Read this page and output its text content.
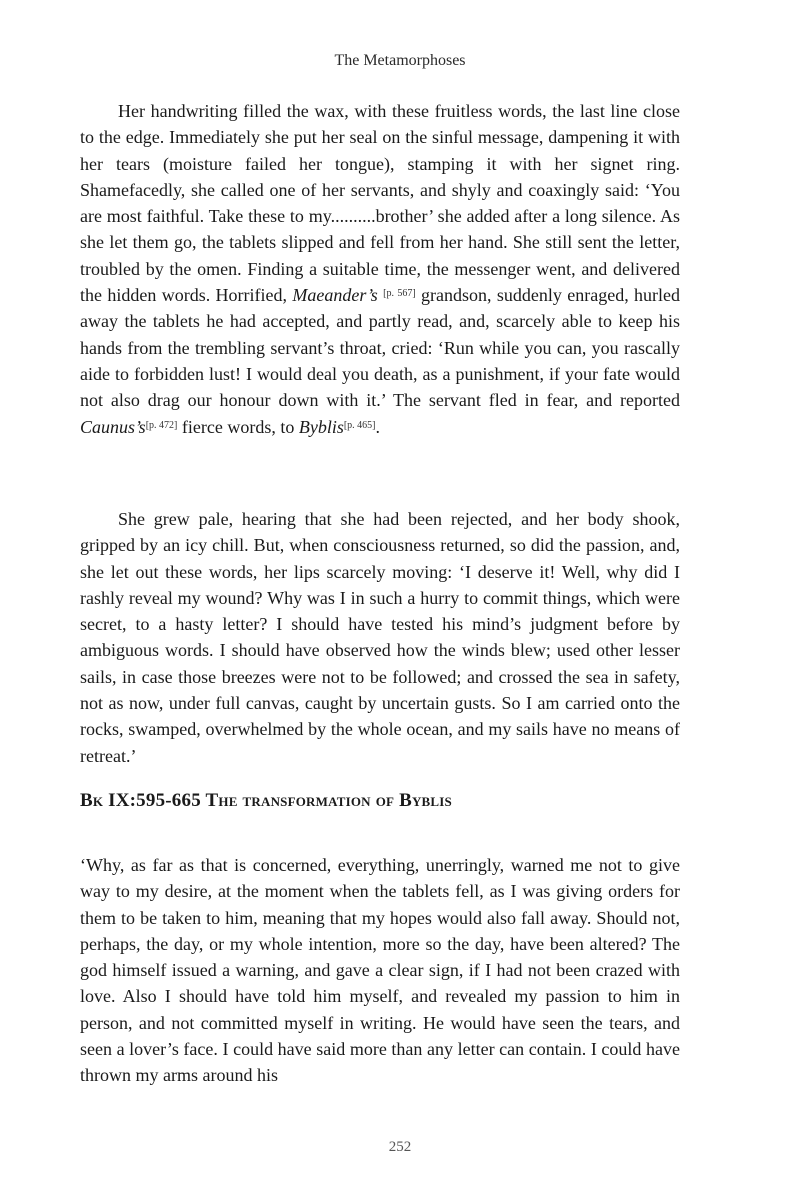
The Metamorphoses

Her handwriting filled the wax, with these fruitless words, the last line close to the edge. Immediately she put her seal on the sinful message, dampening it with her tears (moisture failed her tongue), stamping it with her signet ring. Shamefacedly, she called one of her servants, and shyly and coaxingly said: ‘You are most faithful. Take these to my..........brother’ she added after a long silence. As she let them go, the tablets slipped and fell from her hand. She still sent the letter, troubled by the omen. Finding a suitable time, the messenger went, and delivered the hidden words. Horrified, Maeander’s [p. 567] grandson, suddenly enraged, hurled away the tablets he had accepted, and partly read, and, scarcely able to keep his hands from the trembling servant’s throat, cried: ‘Run while you can, you rascally aide to forbidden lust! I would deal you death, as a punishment, if your fate would not also drag our honour down with it.’ The servant fled in fear, and reported Caunus’s[p. 472] fierce words, to Byblis[p. 465].

She grew pale, hearing that she had been rejected, and her body shook, gripped by an icy chill. But, when consciousness returned, so did the passion, and, she let out these words, her lips scarcely moving: ‘I deserve it! Well, why did I rashly reveal my wound? Why was I in such a hurry to commit things, which were secret, to a hasty letter? I should have tested his mind’s judgment before by ambiguous words. I should have observed how the winds blew; used other lesser sails, in case those breezes were not to be followed; and crossed the sea in safety, not as now, under full canvas, caught by uncertain gusts. So I am carried onto the rocks, swamped, overwhelmed by the whole ocean, and my sails have no means of retreat.’

Bk IX:595-665 The transformation of Byblis

‘Why, as far as that is concerned, everything, unerringly, warned me not to give way to my desire, at the moment when the tablets fell, as I was giving orders for them to be taken to him, meaning that my hopes would also fall away. Should not, perhaps, the day, or my whole intention, more so the day, have been altered? The god himself issued a warning, and gave a clear sign, if I had not been crazed with love. Also I should have told him myself, and revealed my passion to him in person, and not committed myself in writing. He would have seen the tears, and seen a lover’s face. I could have said more than any letter can contain. I could have thrown my arms around his

252
